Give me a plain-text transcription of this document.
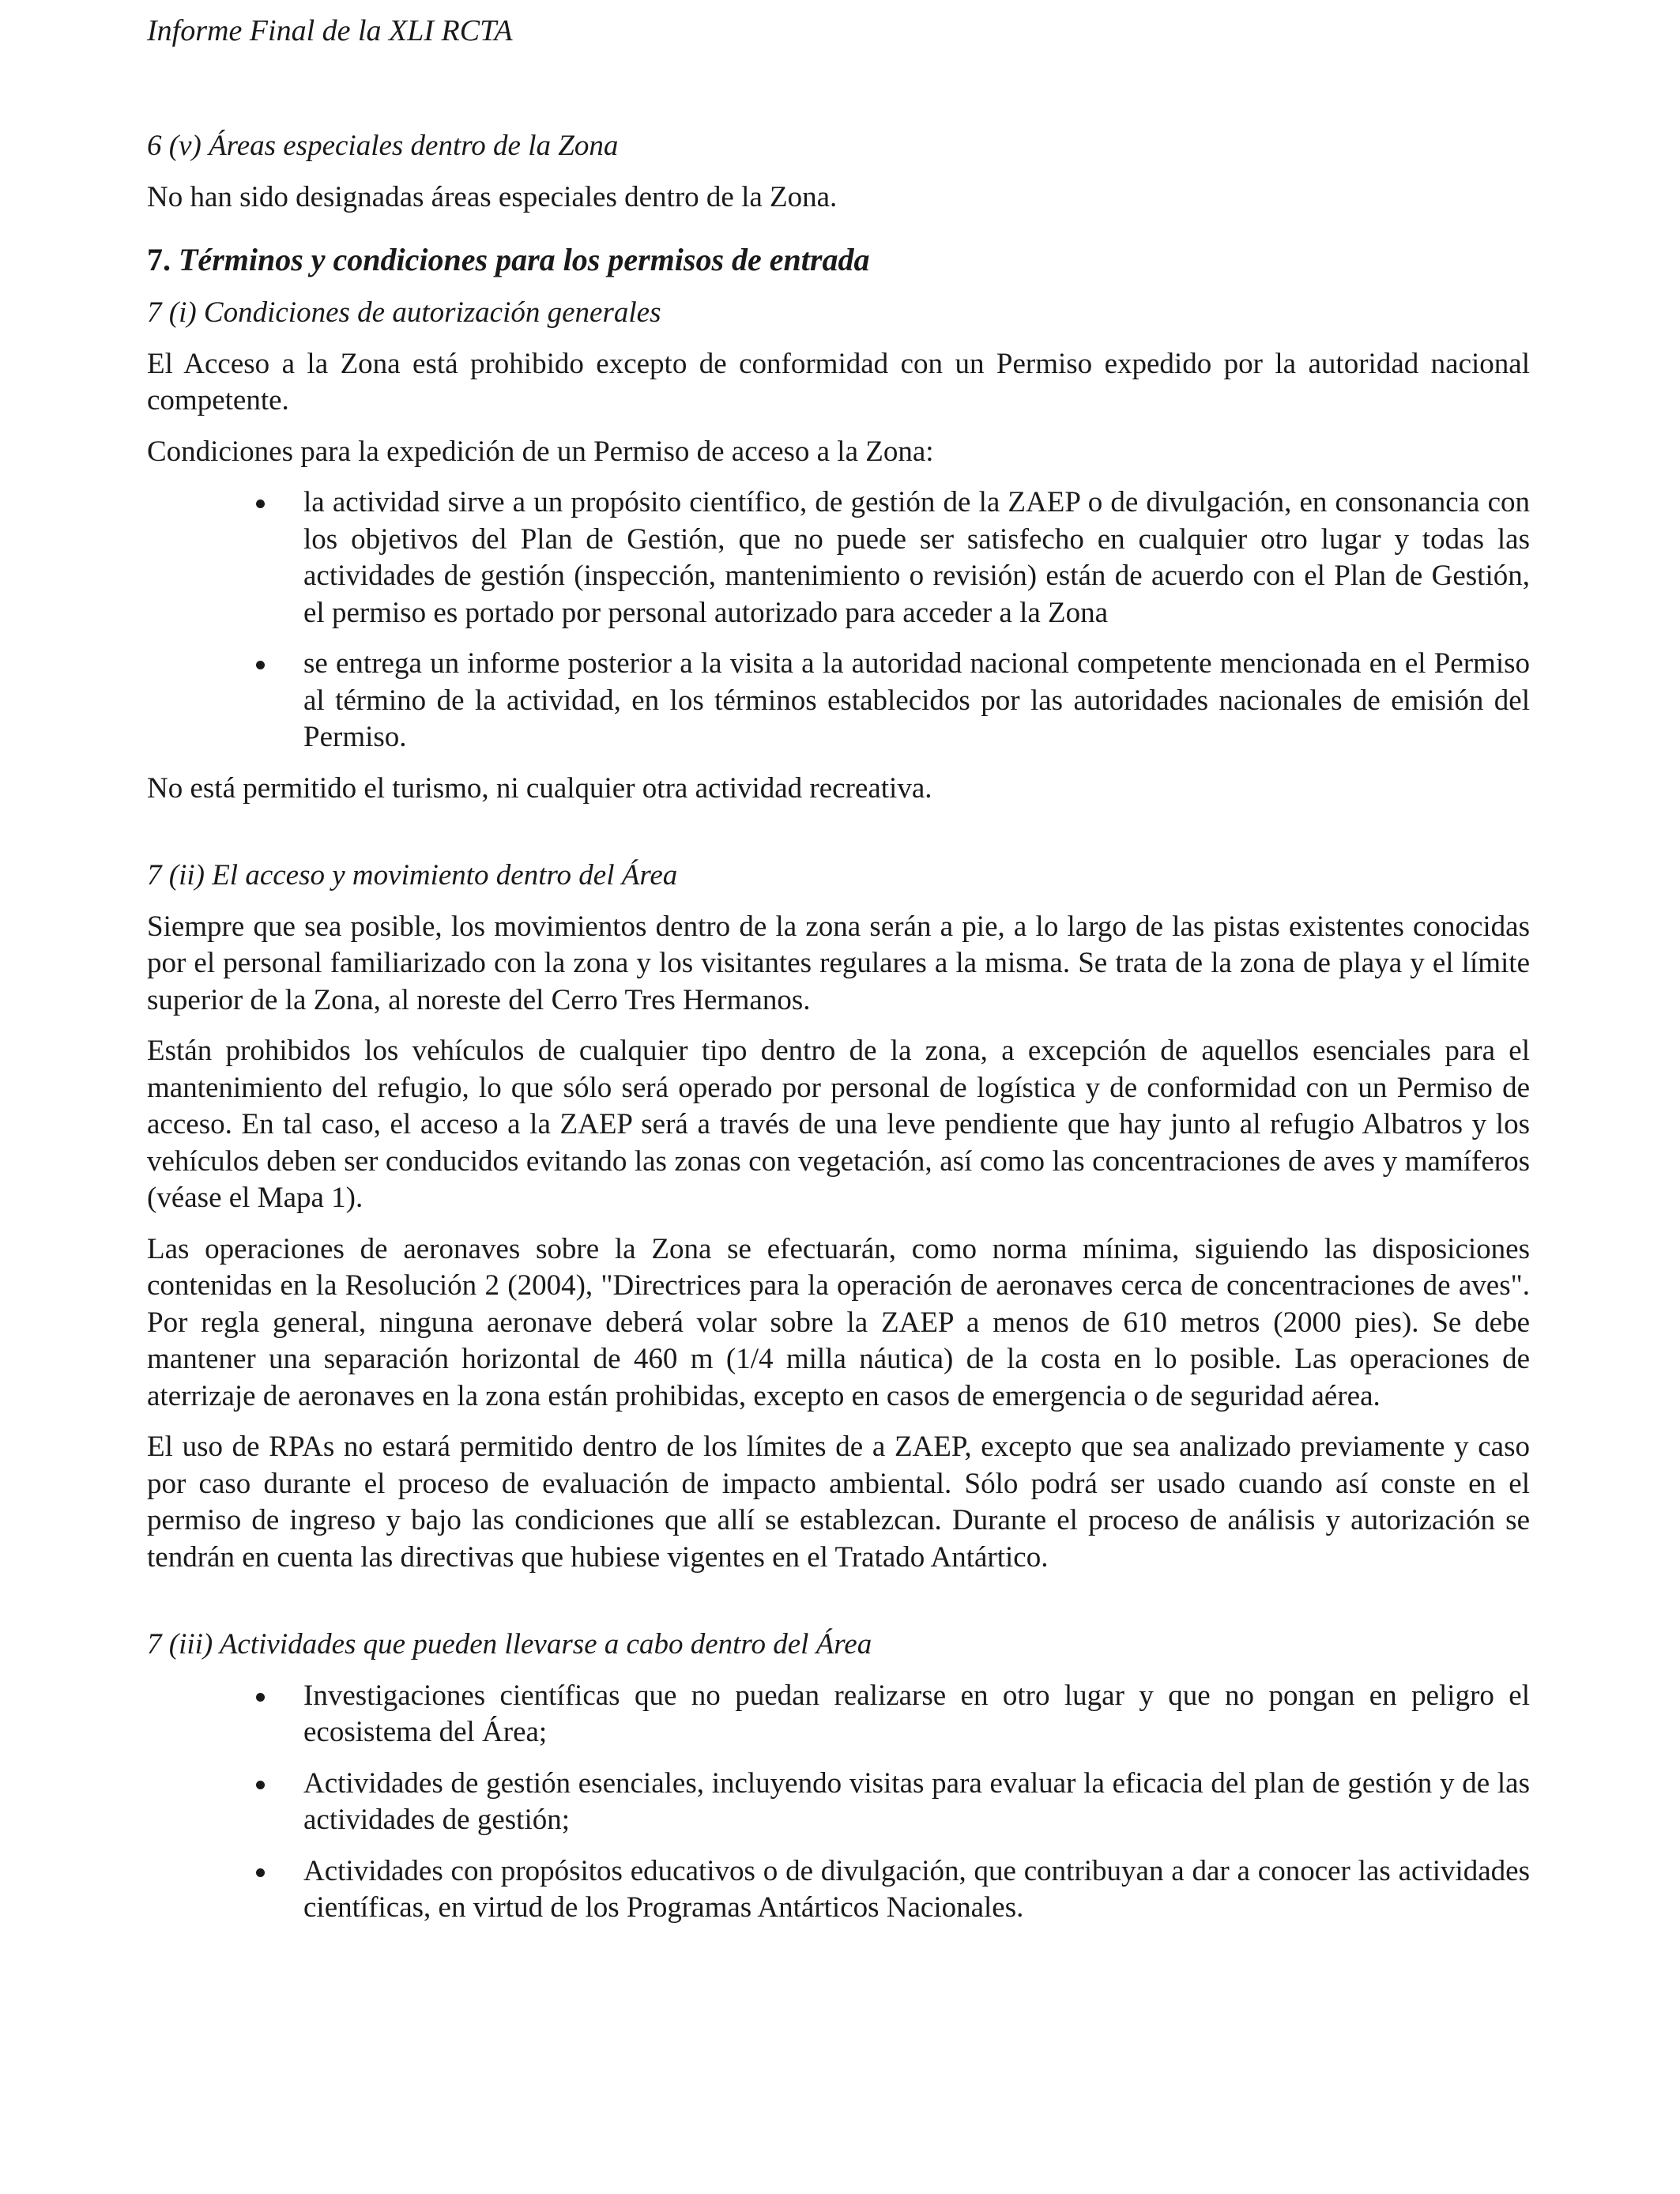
Informe Final de la XLI RCTA

6 (v) Áreas especiales dentro de la Zona

No han sido designadas áreas especiales dentro de la Zona.

7. Términos y condiciones para los permisos de entrada

7 (i) Condiciones de autorización generales

El Acceso a la Zona está prohibido excepto de conformidad con un Permiso expedido por la autoridad nacional competente.

Condiciones para la expedición de un Permiso de acceso a la Zona:

la actividad sirve a un propósito científico, de gestión de la ZAEP o de divulgación, en consonancia con los objetivos del Plan de Gestión, que no puede ser satisfecho en cualquier otro lugar y todas las actividades de gestión (inspección, mantenimiento o revisión) están de acuerdo con el Plan de Gestión, el permiso es portado por personal autorizado para acceder a la Zona
se entrega un informe posterior a la visita a la autoridad nacional competente mencionada en el Permiso al término de la actividad, en los términos establecidos por las autoridades nacionales de emisión del Permiso.

No está permitido el turismo, ni cualquier otra actividad recreativa.

7 (ii) El acceso y movimiento dentro del Área

Siempre que sea posible, los movimientos dentro de la zona serán a pie, a lo largo de las pistas existentes conocidas por el personal familiarizado con la zona y los visitantes regulares a la misma. Se trata de la zona de playa y el límite superior de la Zona, al noreste del Cerro Tres Hermanos.

Están prohibidos los vehículos de cualquier tipo dentro de la zona, a excepción de aquellos esenciales para el mantenimiento del refugio, lo que sólo será operado por personal de logística y de conformidad con un Permiso de acceso. En tal caso, el acceso a la ZAEP será a través de una leve pendiente que hay junto al refugio Albatros y los vehículos deben ser conducidos evitando las zonas con vegetación, así como las concentraciones de aves y mamíferos (véase el Mapa 1).

Las operaciones de aeronaves sobre la Zona se efectuarán, como norma mínima, siguiendo las disposiciones contenidas en la Resolución 2 (2004), "Directrices para la operación de aeronaves cerca de concentraciones de aves". Por regla general, ninguna aeronave deberá volar sobre la ZAEP a menos de 610 metros (2000 pies). Se debe mantener una separación horizontal de 460 m (1/4 milla náutica) de la costa en lo posible. Las operaciones de aterrizaje de aeronaves en la zona están prohibidas, excepto en casos de emergencia o de seguridad aérea.

El uso de RPAs no estará permitido dentro de los límites de a ZAEP, excepto que sea analizado previamente y caso por caso durante el proceso de evaluación de impacto ambiental. Sólo podrá ser usado cuando así conste en el permiso de ingreso y bajo las condiciones que allí se establezcan. Durante el proceso de análisis y autorización se tendrán en cuenta las directivas que hubiese vigentes en el Tratado Antártico.

7 (iii) Actividades que pueden llevarse a cabo dentro del Área

Investigaciones científicas que no puedan realizarse en otro lugar y que no pongan en peligro el ecosistema del Área;
Actividades de gestión esenciales, incluyendo visitas para evaluar la eficacia del plan de gestión y de las actividades de gestión;
Actividades con propósitos educativos o de divulgación, que contribuyan a dar a conocer las actividades científicas, en virtud de los Programas Antárticos Nacionales.
